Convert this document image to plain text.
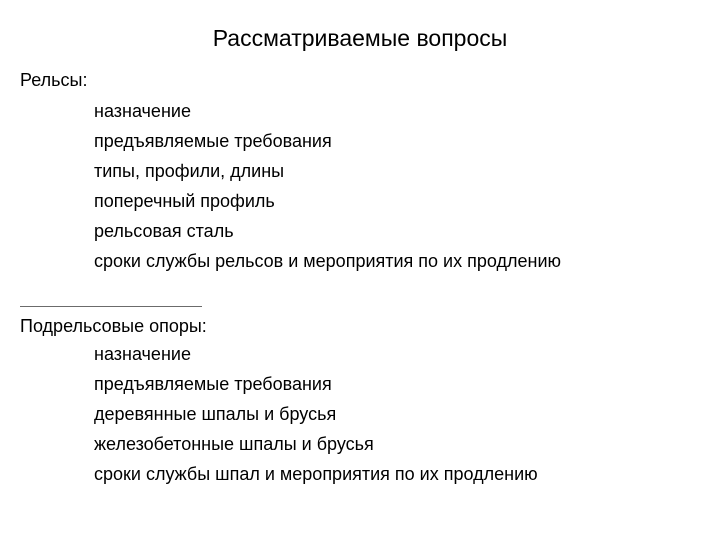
Рассматриваемые вопросы
Рельсы:
назначение
предъявляемые требования
типы, профили, длины
поперечный профиль
рельсовая сталь
сроки службы рельсов и мероприятия по их продлению
Подрельсовые опоры:
назначение
предъявляемые требования
деревянные шпалы и брусья
железобетонные шпалы и брусья
сроки службы шпал и мероприятия по их продлению
